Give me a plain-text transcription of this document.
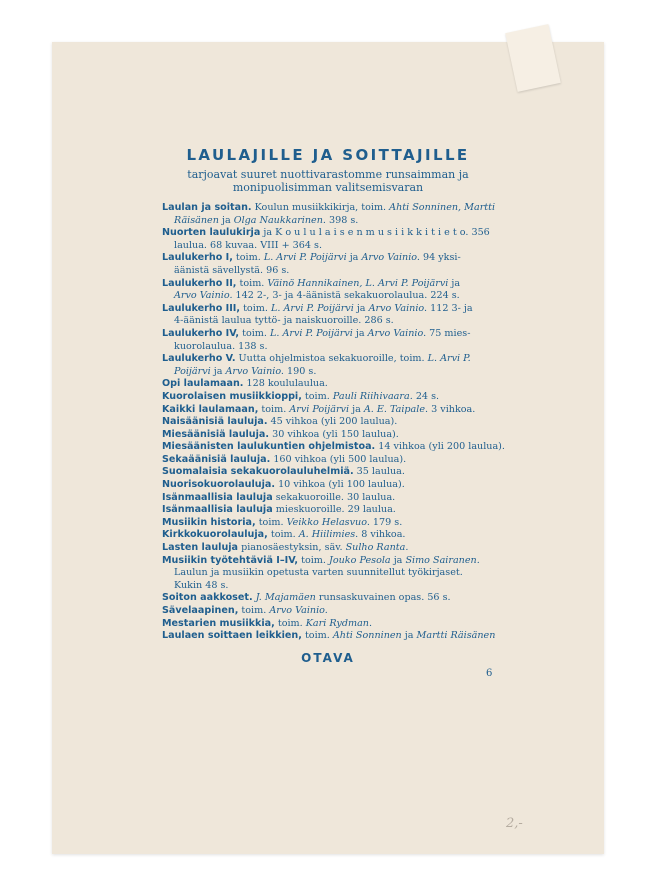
LAULAJILLE JA SOITTAJILLE
tarjoavat suuret nuottivarastomme runsaimman ja
monipuolisimman valitsemisvaran
Laulan ja soitan. Koulun musiikkikirja, toim. Ahti Sonninen, Martti
Räisänen ja Olga Naukkarinen. 398 s.
Nuorten laulukirja ja K o u l u l a i s e n m u s i i k k i t i e t o. 356
laulua. 68 kuvaa. VIII + 364 s.
Laulukerho I, toim. L. Arvi P. Poijärvi ja Arvo Vainio. 94 yksi-
äänistä sävellystä. 96 s.
Laulukerho II, toim. Väinö Hannikainen, L. Arvi P. Poijärvi ja
Arvo Vainio. 142 2-, 3- ja 4-äänistä sekakuorolaulua. 224 s.
Laulukerho III, toim. L. Arvi P. Poijärvi ja Arvo Vainio. 112 3- ja
4-äänistä laulua tyttö- ja naiskuoroille. 286 s.
Laulukerho IV, toim. L. Arvi P. Poijärvi ja Arvo Vainio. 75 mies-
kuorolaulua. 138 s.
Laulukerho V. Uutta ohjelmistoa sekakuoroille, toim. L. Arvi P.
Poijärvi ja Arvo Vainio. 190 s.
Opi laulamaan. 128 koululaulua.
Kuorolaisen musiikkioppi, toim. Pauli Riihivaara. 24 s.
Kaikki laulamaan, toim. Arvi Poijärvi ja A. E. Taipale. 3 vihkoa.
Naisäänisiä lauluja. 45 vihkoa (yli 200 laulua).
Miesäänisiä lauluja. 30 vihkoa (yli 150 laulua).
Miesäänisten laulukuntien ohjelmistoa. 14 vihkoa (yli 200 laulua).
Sekaäänisiä lauluja. 160 vihkoa (yli 500 laulua).
Suomalaisia sekakuorolauluhelmiä. 35 laulua.
Nuorisokuorolauluja. 10 vihkoa (yli 100 laulua).
Isänmaallisia lauluja sekakuoroille. 30 laulua.
Isänmaallisia lauluja mieskuoroille. 29 laulua.
Musiikin historia, toim. Veikko Helasvuo. 179 s.
Kirkkokuorolauluja, toim. A. Hiilimies. 8 vihkoa.
Lasten lauluja pianosäestyksin, säv. Sulho Ranta.
Musiikin työtehtäviä I–IV, toim. Jouko Pesola ja Simo Sairanen.
Laulun ja musiikin opetusta varten suunnitellut työkirjaset.
Kukin 48 s.
Soiton aakkoset. J. Majamäen runsaskuvainen opas. 56 s.
Sävelaapinen, toim. Arvo Vainio.
Mestarien musiikkia, toim. Kari Rydman.
Laulaen soittaen leikkien, toim. Ahti Sonninen ja Martti Räisänen
OTAVA
6
2,-
